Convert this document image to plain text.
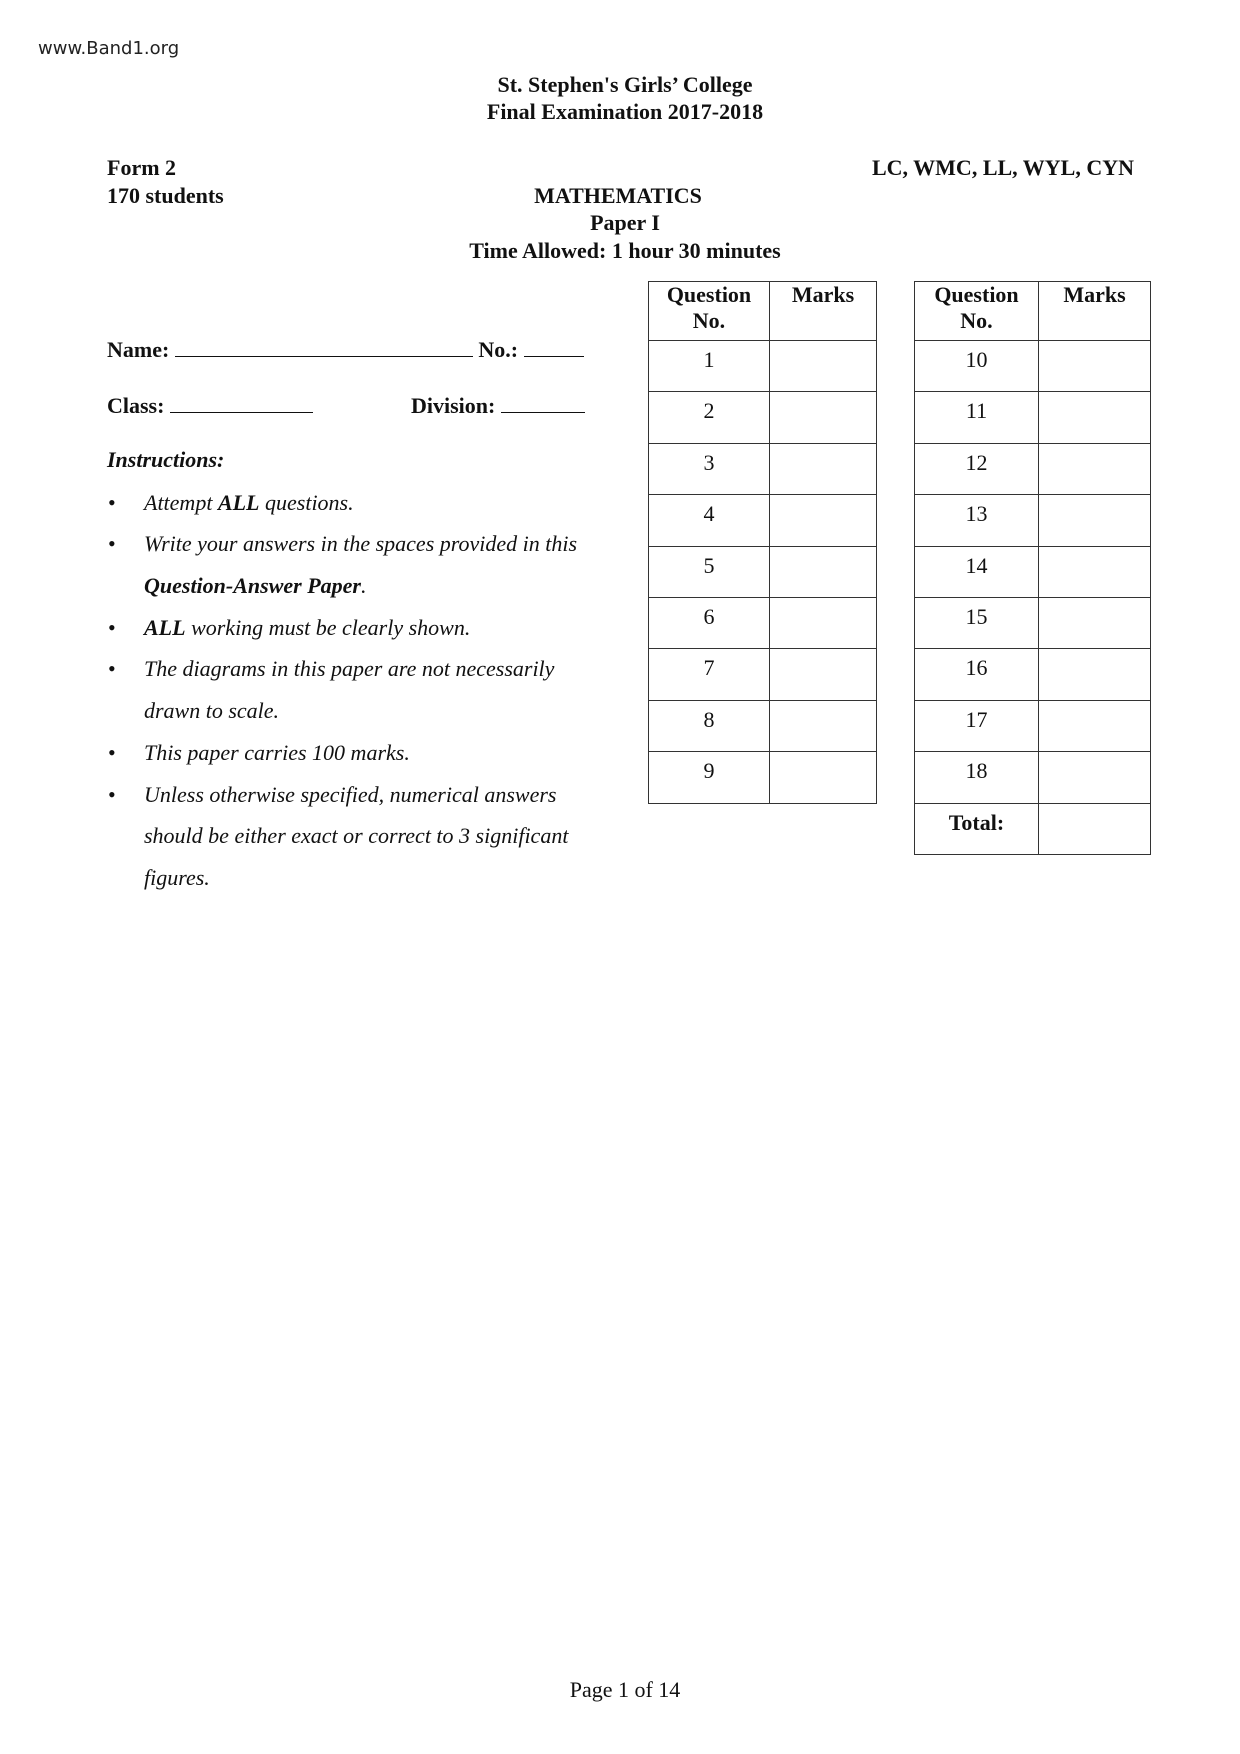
www.Band1.org
St. Stephen's Girls’ College
Final Examination 2017-2018
Form 2
170 students
LC, WMC, LL, WYL, CYN
MATHEMATICS
Paper I
Time Allowed: 1 hour 30 minutes
Name:	No.:
Class:	Division:
Instructions:
• Attempt ALL questions.
• Write your answers in the spaces provided in this
Question-Answer Paper.
• ALL working must be clearly shown.
• The diagrams in this paper are not necessarily
drawn to scale.
• This paper carries 100 marks.
• Unless otherwise specified, numerical answers
should be either exact or correct to 3 significant
figures.
Question
No.	Marks
1	
2	
3	
4	
5	
6	
7	
8	
9	
Question
No.	Marks
10	
11	
12	
13	
14	
15	
16	
17	
18	
Total:	
Page 1 of 14
